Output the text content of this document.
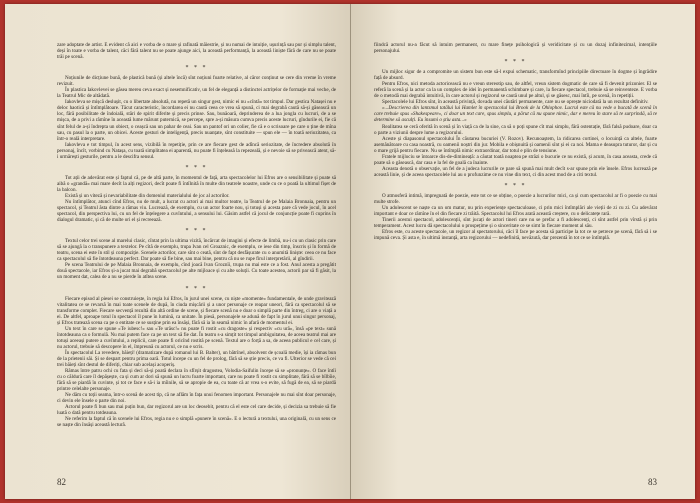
zare adoptate de artist. E evident că aici e vorba de o mare și rafinată măiestrie, și nu numai de intuiție, ușurință sau pur și simplu talent, deși în toate e vorba de talent, căci fără talent nu se poate ajunge aici, la această performanță, la această liniște fără de care nu se poate trăi pe scenă.

* * *

Noțiunile de dicțiune bună, de plastică bună (și altele încă) sînt noțiuni foarte relative, al căror conținut se cere din vreme în vreme revizuit.

În plastica Iakovlevei se găsea mereu ceva exact și nesemnificativ, un fel de eleganță a distinctei actrițelor de formație mai veche, de la Teatrul Mic de altădată.

Iakovleva se mișcă deslușit, cu o libertate absolută, nu repetă un singur gest, nimic ei nu «cîntă» tot timpul. Dar gestica Natașei nu e deloc haotică și întîmplătoare. Tăcut caracteristic, încordarea ei nu caută ceea ce vrea să spună, ci mai degrabă caută să-și găsească un loc, fără posibilitate de îndoială, stări de spirit diferite și precis prinse. Sau, bunăoară, deprinderea de a lua jongla cu lucruri, de a se mișca, de a privi a rămîne în această lume mărunt puternică, se percepe, spre a-și măsura cumva precis aceste lucruri, gîndurile ei, fie că sînt felul de a-și îndrepta un obiect, o ceașcă sau un pahar de ceai. Sau un pantof ori un colier, fie că e o scrisoare pe care o ține de mîna sau, cu pasul la o parte, un obicei. Aceste gesturi de inteligență, precis nuanțate, sînt constituite — spun ele — în toată seriozitatea, ca într-o reală interpretare.

Iakovleva e tot timpul, în acest sens, vizibilă în repetiție, prin ce are fiecare gest de adîncă seriozitate, de încredere absolută în personaj, încît, vorbind cu Natașa, cu toată simplitatea ei aparentă, nu poate fi înțeleasă la repezeală, și e nevoie să se privească atent, să-i urmărești gesturile, pentru a le descifra sensul.

* * *

Tot ații de adevărat este și faptul că, pe de altă parte, în momentul de față, arta spectacolelor lui Efros are o sensibilitate și poate să aibă o «grandă» mai mare decît la alți regizori, decît poate fi întîlnită în multe din teatrele noastre, unde cu ce o poată la ultimul fișet de la balcon.

Există și un viteză și nevariabilitate din domeniul materialului de joc al actorilor.

Nu întîmplător, atunci cînd Efros, nu de mult, a lucrat cu actori ai mai multor teatre, la Teatrul de pe Malaia Bronnaia, pentru un spectacol, și Teatrul ăsta dintre a rămas viu. Lucrează, de exemplu, cu un actor foarte nou, și totuși și acesta pare că vede jocul, în acel spectacol, din perspectiva lui, cu un fel de înțelegere a cuvîntului, a sensului lui. Găsim astfel că jocul de conjuncție poate fi cuprins în dialogul dramatic, și că de multe ori el și recreează.

* * *

Textul celor trei scene al marelui clasic, cîntat prin la ultima vizită, încărcat de imagini și efecte de limbă, nu-i cu un clasic prin care să se ajungă la o transpunere a textelor. Pe cîtă de exemplu, trupa Ivan cel Groaznic, de exemplu, ce iese din timp, înscris și în formă de teatru, scena ei este în stil și compoziție. Scenele actorilor, care sînt o ceată, sînt de fapt desfășurate cu o anumită liniște: ceea ce nu face ca spectacolul să fie întotdeauna perfect. Dar poate să fie bine, sau mai bine, pentru că nu se rupe firul interpretării, al gîndirii.

Pe scena Teatrului de pe Malaia Bronnaia, de exemplu, cînd joacă Ivan Groznîi, trupa nu mai este ce a fost. Anul acesta a pregătit două spectacole, iar Efros și-a jucat mai degrabă spectacolul pe alte mijloace și cu alte soluții. Cu toate acestea, actorii par să fi găsit, la un moment dat, calea de a nu se pierde în atîtea scene.

* * *

Fiecare episod al piesei se construiește, în regia lui Efros, în jurul unei scene, cu niște «momente» fundamentale, de unde gravitează vitalitatea ce se revarsă în mai toate scenele de după, în ciuda mișcării și a unor personaje ce reapar uneori, fără ca spectacolul să se transforme complet. Fiecare secvență rezultă din altă ordine de scene, și fiecare scenă nu e doar o simplă parte din întreg, ci are o viață a ei. De altfel, aproape totul în spectacol îl pune în lumină, ca unitate. În piesă, personajele se adună de fapt în jurul unui singur personaj, și Efros tratează scena ca pe o entitate ce se susține prin ea însăși, fără să ia în seamă nimic în afară de momentul ei.

Un text în care se spune «Te iubesc!» sau «Te urăsc!» nu poate fi rostit «cu dragoste» și respectiv «cu ură», însă «pe text» sună întotdeauna ca o formulă. Nu mai putem face ca pe un text să fie dat. În teatru s-a simțit tot timpul ambiguitatea, de aceea teatrul mai are totuși aceeași putere a cuvîntului, a replicii, care poate fi oricînd rostită pe scenă. Textul are o forță a sa, de aceea publicul e cel care, și nu actorul, trebuie să descopere în el, împreună cu actorul, ce nu e scris.

În spectacolul La revedere, băieți! (dramatizare după romanul lui B. Balter), un bătrînel, absolvent de școală medie, își ia rămas bun de la prietenii săi. Și se despart pentru prima oară. Totul începe cu un fel de prolog, fără să se știe precis, ce va fi. Ulterior se vede că cei trei băieți sînt destul de diferiți, chiar sub același acoperiș.

Rămas între patru ochi cu fata și deci să-și poată declara în sfîrșit dragostea, Volodia-Saifulin începe să se «pronunțe». O face întîi cu o căldură care îl depășește, ca și cum ar dori să spună un lucru foarte important, care nu poate fi rostit cu simplitate, fără să se bîlbîie, fără să se piardă în cuvinte, și tot ce face e să-i ia mîinile, să se apropie de ea, cu toate că ar vrea s-o evite, să fugă de ea, să se piardă printre celelalte personaje.

Ne dăm cu toții seama, într-o scenă de acest tip, că ne aflăm în fața unui fenomen important. Personajele nu mai sînt doar personaje, ci devin ele însele o parte din noi.

Actorul poate fi bun sau mai puțin bun, dar regizorul are un loc deosebit, pentru că el este cel care decide, și decizia sa trebuie să fie luată o dată pentru totdeauna.

Ne referim la faptul că în scenele lui Efros, regia nu e o simplă «punere în scenă». E o lectură a textului, una originală, cu un sens ce se naște din însăși această lectură.

82

fiindcă actorul nu-a făcut să intuim permanent, cu mare finețe psihologică și veridicitate și cu un dozaj infinitezimal, intențiile personajului.

* * *

Un mijloc sigur de a compromite un sistem bun este să-l expui schematic, transformînd principiile directoare în dogme și îngrădire față de absurd.

Pentru Efros, nici metoda actoricească nu e vreun stereotip sau, de altfel, vreun sistem dogmatic de care să fi devenit prizonier. El se referă la scenă și la actor ca la un complex de idei în permanentă schimbare și care, la fiecare spectacol, trebuie să se reinventeze. E vorba de o metodă mai degrabă intuitivă, în care actorul și regizorul se caută unul pe altul, și se găsesc, mai întîi, pe scenă, în repetiții.

Spectacolele lui Efros sînt, în această privință, dovada unei căutări permanente, care nu se oprește niciodată la un rezultat definitiv.

«...Descrierea din lantsmul tatălui lui Hamlet în spectacolul lui Brook de la Ohlophov. Lucrul este că nu vede o bucată de scenă în care trebuie spus «Shakespeare», ci doar un text care, spus simplu, a părut că nu spune nimic, dar e mereu în stare să te surprindă, să te determine să asculți. Eu însumi o știu asta...»

Realitatea se ceră oferită în scenă și în viață ca de la sine, ca să o poți spune cît mai simplu, fără ostentație, fără falsă pudoare, doar ca o parte a viziunii despre lume a regizorului.

Aceste și diapasonul spectacolului În căutarea bucuriei (V. Rozov). Recunoaștem, la ridicarea cortinei, o locuință ca altele, foarte asemănătoare cu casa noastră, cu oamenii noștri din jur. Mobila e obișnuită și oamenii sînt și ei ca noi. Mama e deasupra tuturor, dar și cu o mare grijă pentru fiecare. Nu se întîmplă nimic extraordinar, dar totul e plin de tensiune.

Fratele mijlociu se întoarce dis-de-dimineață: a căutat toată noaptea pe străzi o bucurie ce nu există, și acum, în casa aceasta, crede că poate să o găsească, dar casa e la fel de goală ca înainte.

Aceasta denotă o observație, un fel de a judeca lucrurile ce pare să spună mai mult decît s-ar spune prin ele însele. Efros lucrează pe această linie, și de aceea spectacolele lui au o profunzime ce nu vine din text, ci din acest mod de a citi textul.

* * *

O atmosferă intimă, impregnată de poezie, este tot ce se obține, o poezie a lucrurilor mici, ca și cum spectacolul ar fi o poezie cu mai multe strofe.

Un adolescent se naște ca un om matur, nu prin experiențe spectaculoase, ci prin mici întîmplări ale vieții de zi cu zi. Cu adevărat important e doar ce rămîne în el din fiecare zi trăită. Spectacolul lui Efros arată această creștere, cu o delicatețe rară.

Tinerii acestui spectacol, adolescenții, sînt jucați de actori tineri care nu se prefac a fi adolescenți, ci sînt astfel prin vîrstă și prin temperament. Acest lucru dă spectacolului o prospețime și o sinceritate ce se simt în fiecare moment al său.

Efros este, cu aceste spectacole, un regizor al spectatorului, căci îl face pe acesta să participe la tot ce se petrece pe scenă, fără să i se impună ceva. Și asta e, în ultimă instanță, arta regizorului — nedefinită, nevăzută, dar prezentă în tot ce se întîmplă.

83
